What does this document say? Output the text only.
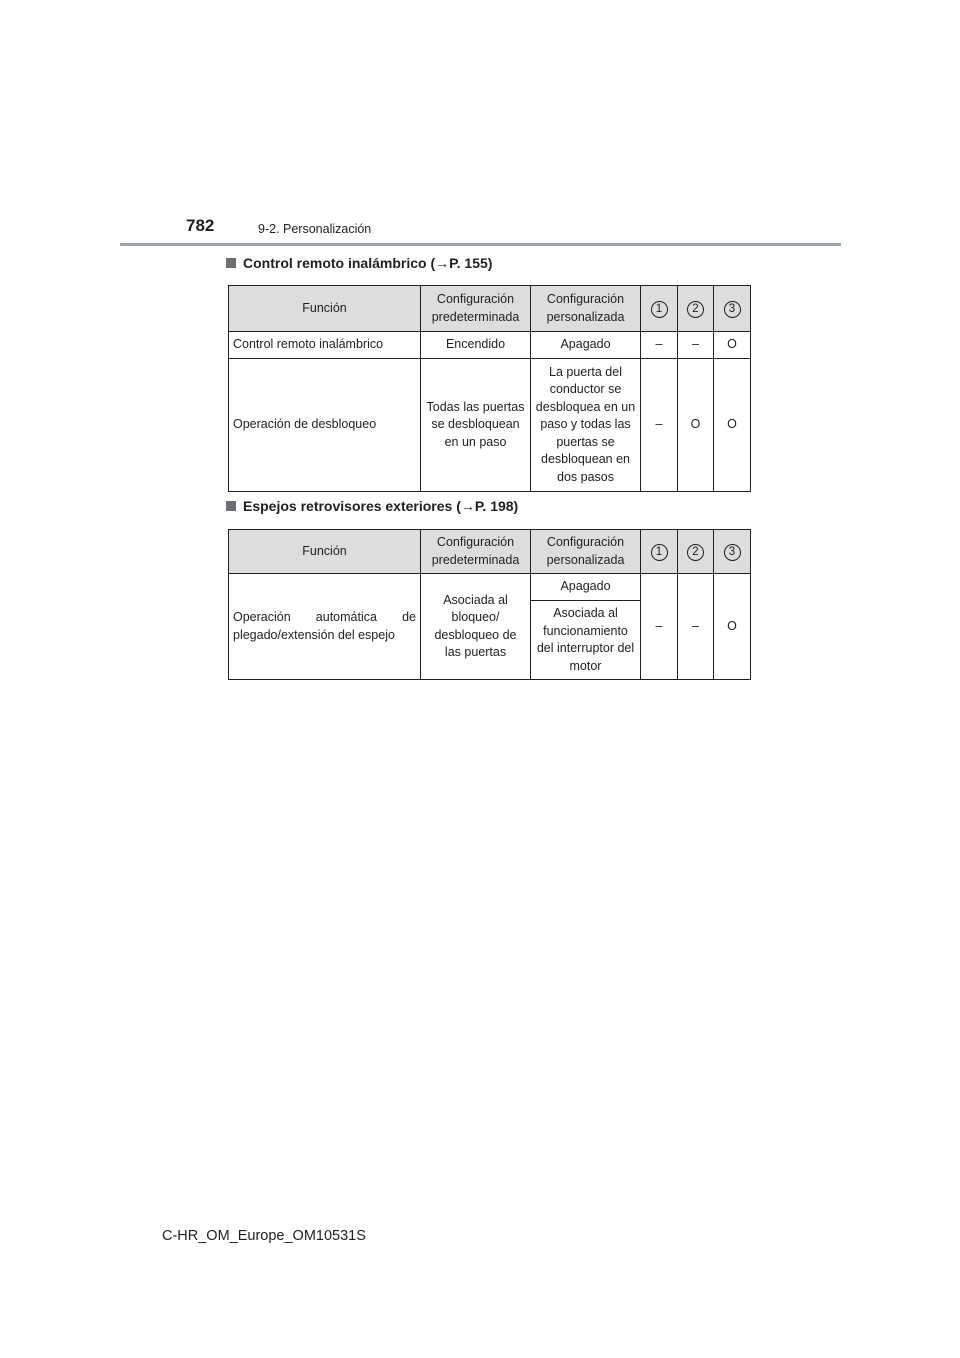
782	9-2. Personalización
Control remoto inalámbrico (→P. 155)
Función	Configuración predeterminada	Configuración personalizada	1	2	3
Control remoto inalámbrico	Encendido	Apagado	–	–	O
Operación de desbloqueo	Todas las puertas se desbloquean en un paso	La puerta del conductor se desbloquea en un paso y todas las puertas se desbloquean en dos pasos	–	O	O
Espejos retrovisores exteriores (→P. 198)
Función	Configuración predeterminada	Configuración personalizada	1	2	3
Operación automática de plegado/extensión del espejo	Asociada al bloqueo/ desbloqueo de las puertas	Apagado	–	–	O
		Asociada al funcionamiento del interruptor del motor			
C-HR_OM_Europe_OM10531S
